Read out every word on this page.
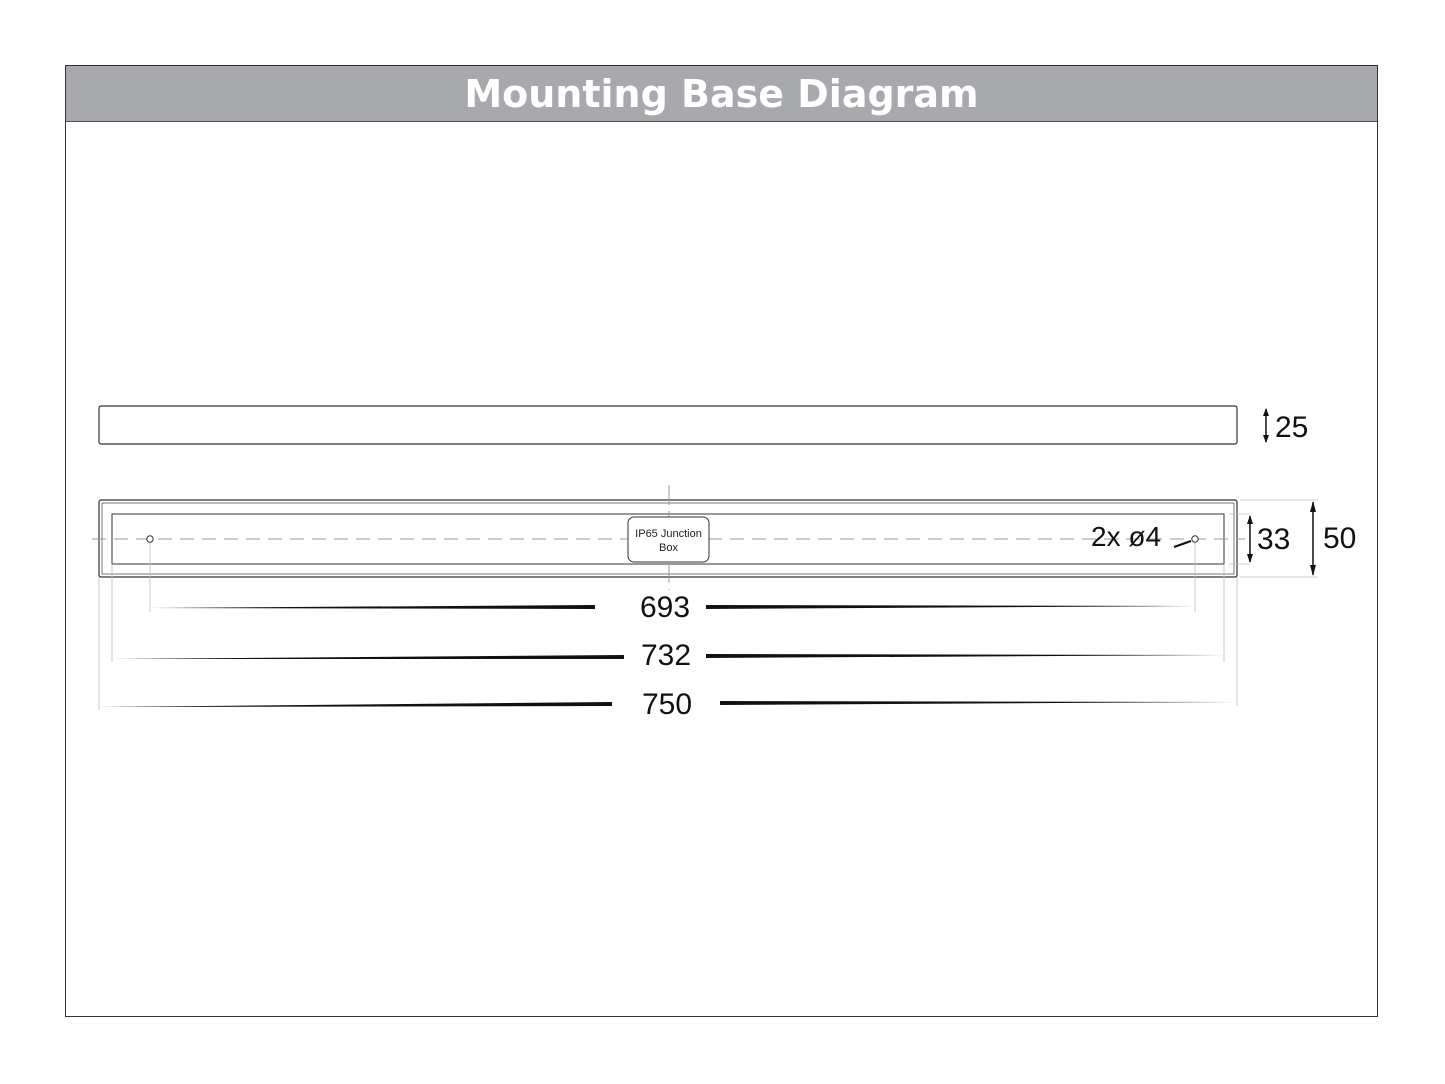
Mounting Base Diagram
25
IP65 Junction
Box	2x ø4	33 50
693
732
750
